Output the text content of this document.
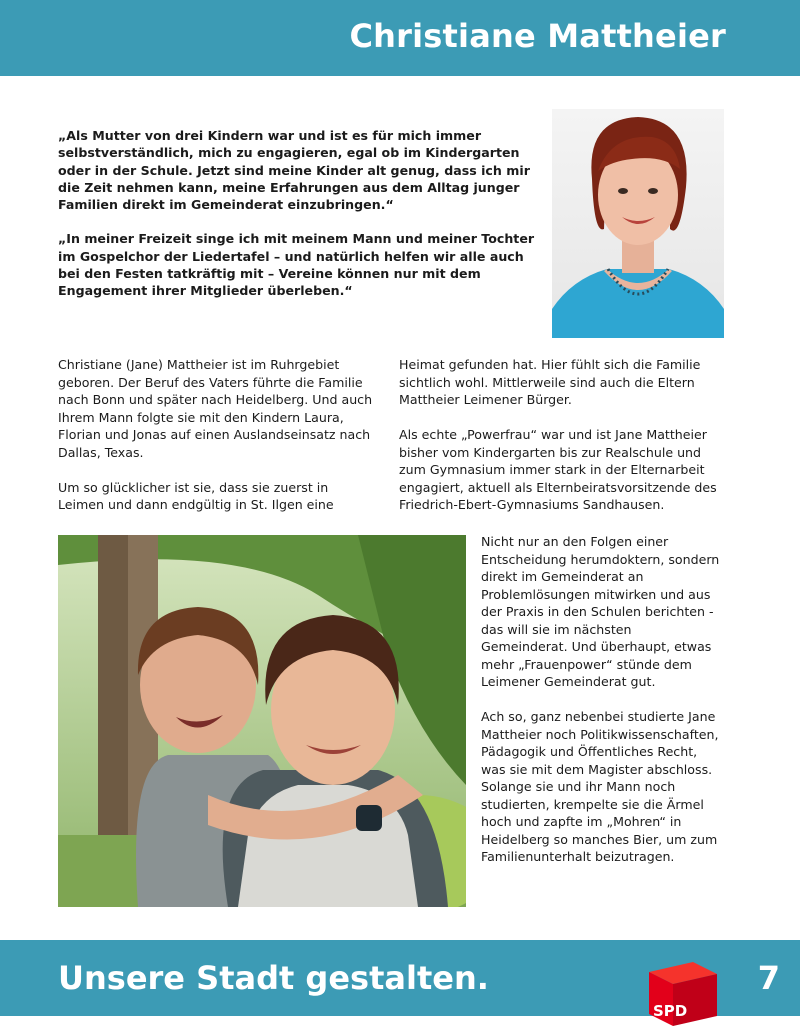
Christiane Mattheier

„Als Mutter von drei Kindern war und ist es für mich immer selbstverständlich, mich zu engagieren, egal ob im Kindergarten oder in der Schule. Jetzt sind meine Kinder alt genug, dass ich mir die Zeit nehmen kann, meine Erfahrungen aus dem Alltag junger Familien direkt im Gemeinderat einzubringen.“

„In meiner Freizeit singe ich mit meinem Mann und meiner Tochter im Gospelchor der Liedertafel – und natürlich helfen wir alle auch bei den Festen tatkräftig mit – Vereine können nur mit dem Engagement ihrer Mitglieder überleben.“

Christiane (Jane) Mattheier ist im Ruhrgebiet geboren. Der Beruf des Vaters führte die Familie nach Bonn und später nach Heidelberg. Und auch Ihrem Mann folgte sie mit den Kindern Laura, Florian und Jonas auf einen Auslandseinsatz nach Dallas, Texas.

Um so glücklicher ist sie, dass sie zuerst in Leimen und dann endgültig in St. Ilgen eine

Heimat gefunden hat. Hier fühlt sich die Familie sichtlich wohl. Mittlerweile sind auch die Eltern Mattheier Leimener Bürger.

Als echte „Powerfrau“ war und ist Jane Mattheier bisher vom Kindergarten bis zur Realschule und zum Gymnasium immer stark in der Elternarbeit engagiert, aktuell als Elternbeiratsvorsitzende des Friedrich-Ebert-Gymnasiums Sandhausen.

Nicht nur an den Folgen einer Entscheidung herumdoktern, sondern direkt im Gemeinderat an Problemlösungen mitwirken und aus der Praxis in den Schulen berichten - das will sie im nächsten Gemeinderat. Und überhaupt, etwas mehr „Frauenpower“ stünde dem Leimener Gemeinderat gut.

Ach so, ganz nebenbei studierte Jane Mattheier noch Politikwissenschaften, Pädagogik und Öffentliches Recht, was sie mit dem Magister abschloss. Solange sie und ihr Mann noch studierten, krempelte sie die Ärmel hoch und zapfte im „Mohren“ in Heidelberg so manches Bier, um zum Familienunterhalt beizutragen.

Unsere Stadt gestalten.	7
SPD
